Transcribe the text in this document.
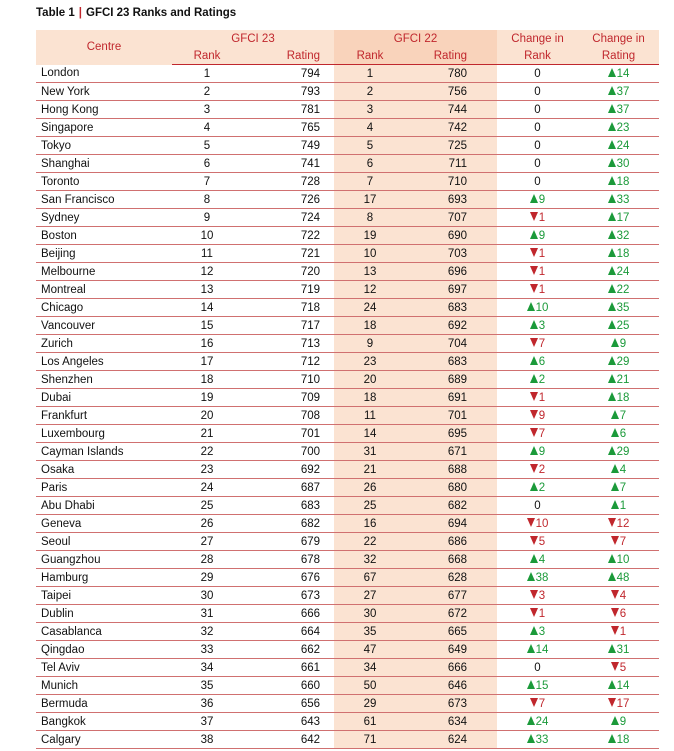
Table 1 | GFCI 23 Ranks and Ratings
Centre	GFCI 23		GFCI 22		Change in	Change in
	Rank	Rating	Rank	Rating	Rank	Rating
London	1	794	1	780	0	14
New York	2	793	2	756	0	37
Hong Kong	3	781	3	744	0	37
Singapore	4	765	4	742	0	23
Tokyo	5	749	5	725	0	24
Shanghai	6	741	6	711	0	30
Toronto	7	728	7	710	0	18
San Francisco	8	726	17	693	9	33
Sydney	9	724	8	707	1	17
Boston	10	722	19	690	9	32
Beijing	11	721	10	703	1	18
Melbourne	12	720	13	696	1	24
Montreal	13	719	12	697	1	22
Chicago	14	718	24	683	10	35
Vancouver	15	717	18	692	3	25
Zurich	16	713	9	704	7	9
Los Angeles	17	712	23	683	6	29
Shenzhen	18	710	20	689	2	21
Dubai	19	709	18	691	1	18
Frankfurt	20	708	11	701	9	7
Luxembourg	21	701	14	695	7	6
Cayman Islands	22	700	31	671	9	29
Osaka	23	692	21	688	2	4
Paris	24	687	26	680	2	7
Abu Dhabi	25	683	25	682	0	1
Geneva	26	682	16	694	10	12
Seoul	27	679	22	686	5	7
Guangzhou	28	678	32	668	4	10
Hamburg	29	676	67	628	38	48
Taipei	30	673	27	677	3	4
Dublin	31	666	30	672	1	6
Casablanca	32	664	35	665	3	1
Qingdao	33	662	47	649	14	31
Tel Aviv	34	661	34	666	0	5
Munich	35	660	50	646	15	14
Bermuda	36	656	29	673	7	17
Bangkok	37	643	61	634	24	9
Calgary	38	642	71	624	33	18
